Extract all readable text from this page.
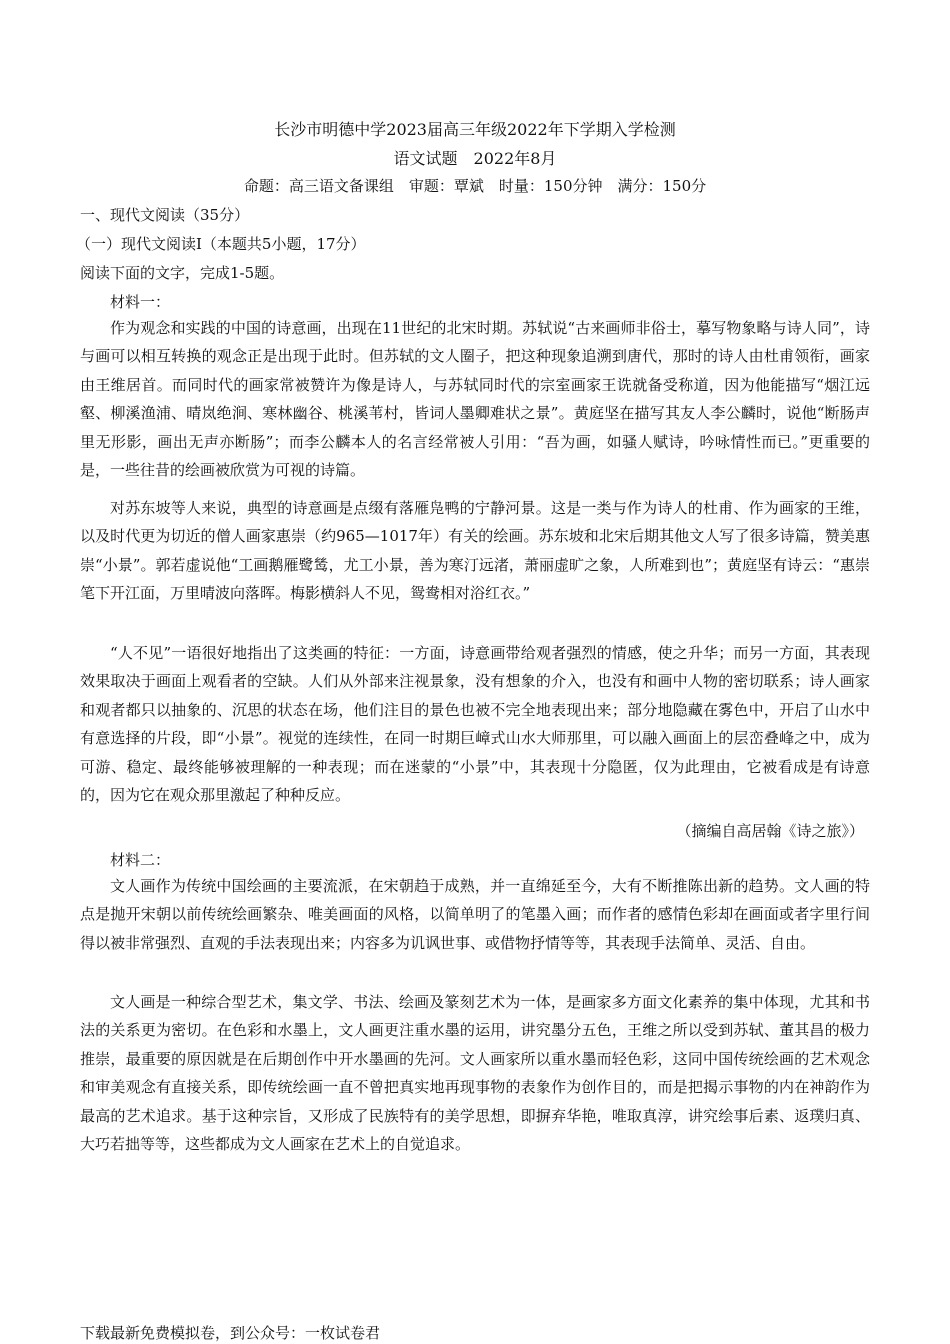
长沙市明德中学2023届高三年级2022年下学期入学检测
语文试题　2022年8月
命题：高三语文备课组　审题：覃斌　时量：150分钟　满分：150分
一、现代文阅读（35分）
（一）现代文阅读Ⅰ（本题共5小题，17分）
阅读下面的文字，完成1-5题。
材料一：
作为观念和实践的中国的诗意画，出现在11世纪的北宋时期。苏轼说“古来画师非俗士，摹写物象略与诗人同”，诗与画可以相互转换的观念正是出现于此时。但苏轼的文人圈子，把这种现象追溯到唐代，那时的诗人由杜甫领衔，画家由王维居首。而同时代的画家常被赞许为像是诗人，与苏轼同时代的宗室画家王诜就备受称道，因为他能描写“烟江远壑、柳溪渔浦、晴岚绝涧、寒林幽谷、桃溪苇村，皆词人墨卿难状之景”。黄庭坚在描写其友人李公麟时，说他“断肠声里无形影，画出无声亦断肠”；而李公麟本人的名言经常被人引用：“吾为画，如骚人赋诗，吟咏情性而已。”更重要的是，一些往昔的绘画被欣赏为可视的诗篇。
对苏东坡等人来说，典型的诗意画是点缀有落雁凫鸭的宁静河景。这是一类与作为诗人的杜甫、作为画家的王维，以及时代更为切近的僧人画家惠崇（约965—1017年）有关的绘画。苏东坡和北宋后期其他文人写了很多诗篇，赞美惠崇“小景”。郭若虚说他“工画鹅雁鹭鸶，尤工小景，善为寒汀远渚，萧丽虚旷之象，人所难到也”；黄庭坚有诗云：“惠崇笔下开江面，万里晴波向落晖。梅影横斜人不见，鸳鸯相对浴红衣。”
“人不见”一语很好地指出了这类画的特征：一方面，诗意画带给观者强烈的情感，使之升华；而另一方面，其表现效果取决于画面上观看者的空缺。人们从外部来注视景象，没有想象的介入，也没有和画中人物的密切联系；诗人画家和观者都只以抽象的、沉思的状态在场，他们注目的景色也被不完全地表现出来；部分地隐藏在雾色中，开启了山水中有意选择的片段，即“小景”。视觉的连续性，在同一时期巨嶂式山水大师那里，可以融入画面上的层峦叠峰之中，成为可游、稳定、最终能够被理解的一种表现；而在迷蒙的“小景”中，其表现十分隐匿，仅为此理由，它被看成是有诗意的，因为它在观众那里激起了种种反应。
（摘编自高居翰《诗之旅》）
材料二：
文人画作为传统中国绘画的主要流派，在宋朝趋于成熟，并一直绵延至今，大有不断推陈出新的趋势。文人画的特点是抛开宋朝以前传统绘画繁杂、唯美画面的风格，以简单明了的笔墨入画；而作者的感情色彩却在画面或者字里行间得以被非常强烈、直观的手法表现出来；内容多为讥讽世事、或借物抒情等等，其表现手法简单、灵活、自由。
文人画是一种综合型艺术，集文学、书法、绘画及篆刻艺术为一体，是画家多方面文化素养的集中体现，尤其和书法的关系更为密切。在色彩和水墨上，文人画更注重水墨的运用，讲究墨分五色，王维之所以受到苏轼、董其昌的极力推崇，最重要的原因就是在后期创作中开水墨画的先河。文人画家所以重水墨而轻色彩，这同中国传统绘画的艺术观念和审美观念有直接关系，即传统绘画一直不曾把真实地再现事物的表象作为创作目的，而是把揭示事物的内在神韵作为最高的艺术追求。基于这种宗旨，又形成了民族特有的美学思想，即摒弃华艳，唯取真淳，讲究绘事后素、返璞归真、大巧若拙等等，这些都成为文人画家在艺术上的自觉追求。
下载最新免费模拟卷，到公众号：一枚试卷君
